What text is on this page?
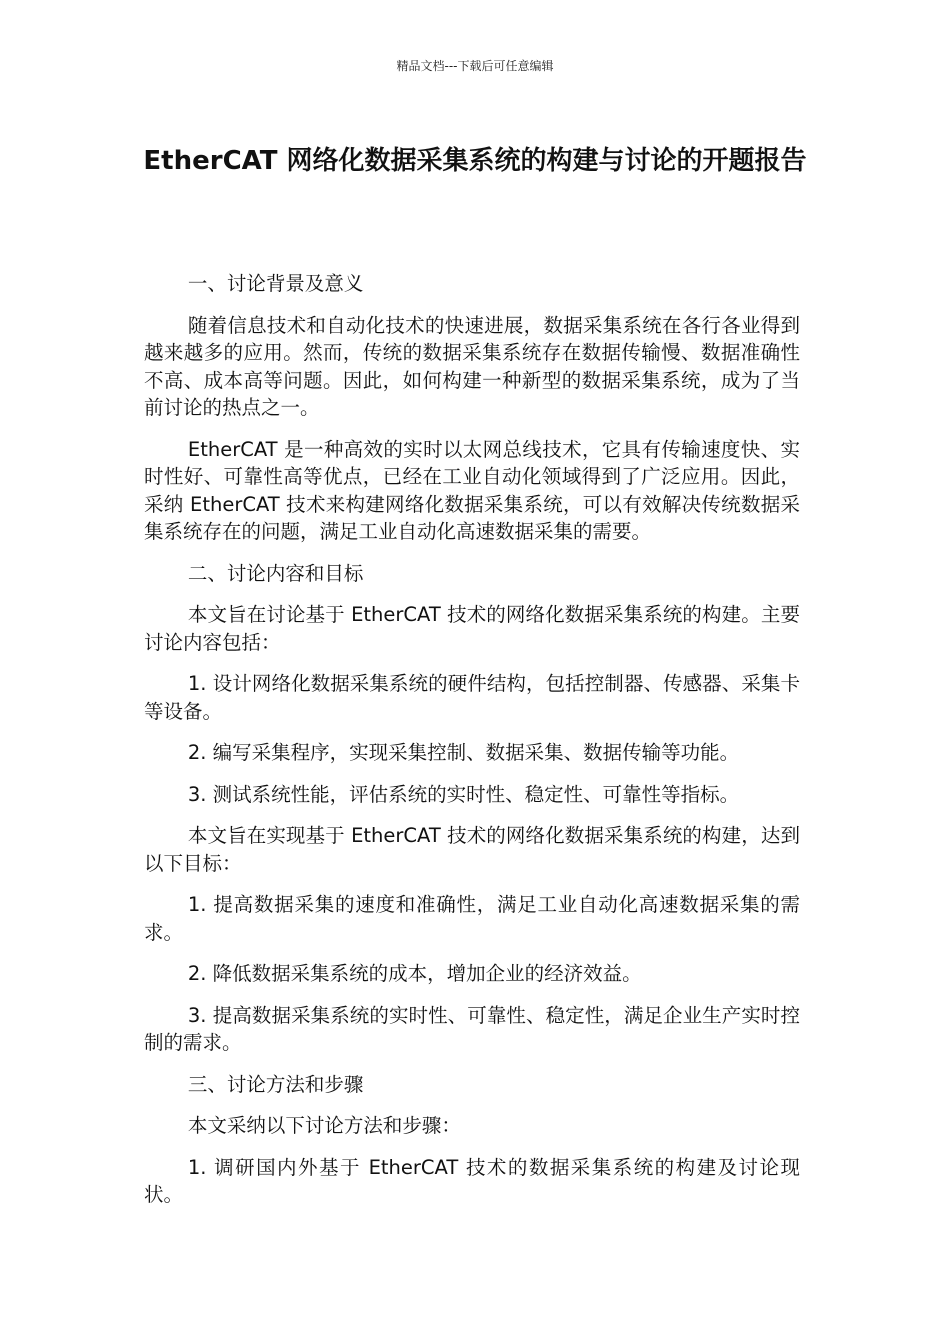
精品文档---下载后可任意编辑
EtherCAT 网络化数据采集系统的构建与讨论的开题报告

一、讨论背景及意义

随着信息技术和自动化技术的快速进展，数据采集系统在各行各业得到越来越多的应用。然而，传统的数据采集系统存在数据传输慢、数据准确性不高、成本高等问题。因此，如何构建一种新型的数据采集系统，成为了当前讨论的热点之一。

EtherCAT 是一种高效的实时以太网总线技术，它具有传输速度快、实时性好、可靠性高等优点，已经在工业自动化领域得到了广泛应用。因此，采纳 EtherCAT 技术来构建网络化数据采集系统，可以有效解决传统数据采集系统存在的问题，满足工业自动化高速数据采集的需要。

二、讨论内容和目标

本文旨在讨论基于 EtherCAT 技术的网络化数据采集系统的构建。主要讨论内容包括：

1. 设计网络化数据采集系统的硬件结构，包括控制器、传感器、采集卡等设备。

2. 编写采集程序，实现采集控制、数据采集、数据传输等功能。

3. 测试系统性能，评估系统的实时性、稳定性、可靠性等指标。

本文旨在实现基于 EtherCAT 技术的网络化数据采集系统的构建，达到以下目标：

1. 提高数据采集的速度和准确性，满足工业自动化高速数据采集的需求。

2. 降低数据采集系统的成本，增加企业的经济效益。

3. 提高数据采集系统的实时性、可靠性、稳定性，满足企业生产实时控制的需求。

三、讨论方法和步骤

本文采纳以下讨论方法和步骤：

1. 调研国内外基于 EtherCAT 技术的数据采集系统的构建及讨论现状。
